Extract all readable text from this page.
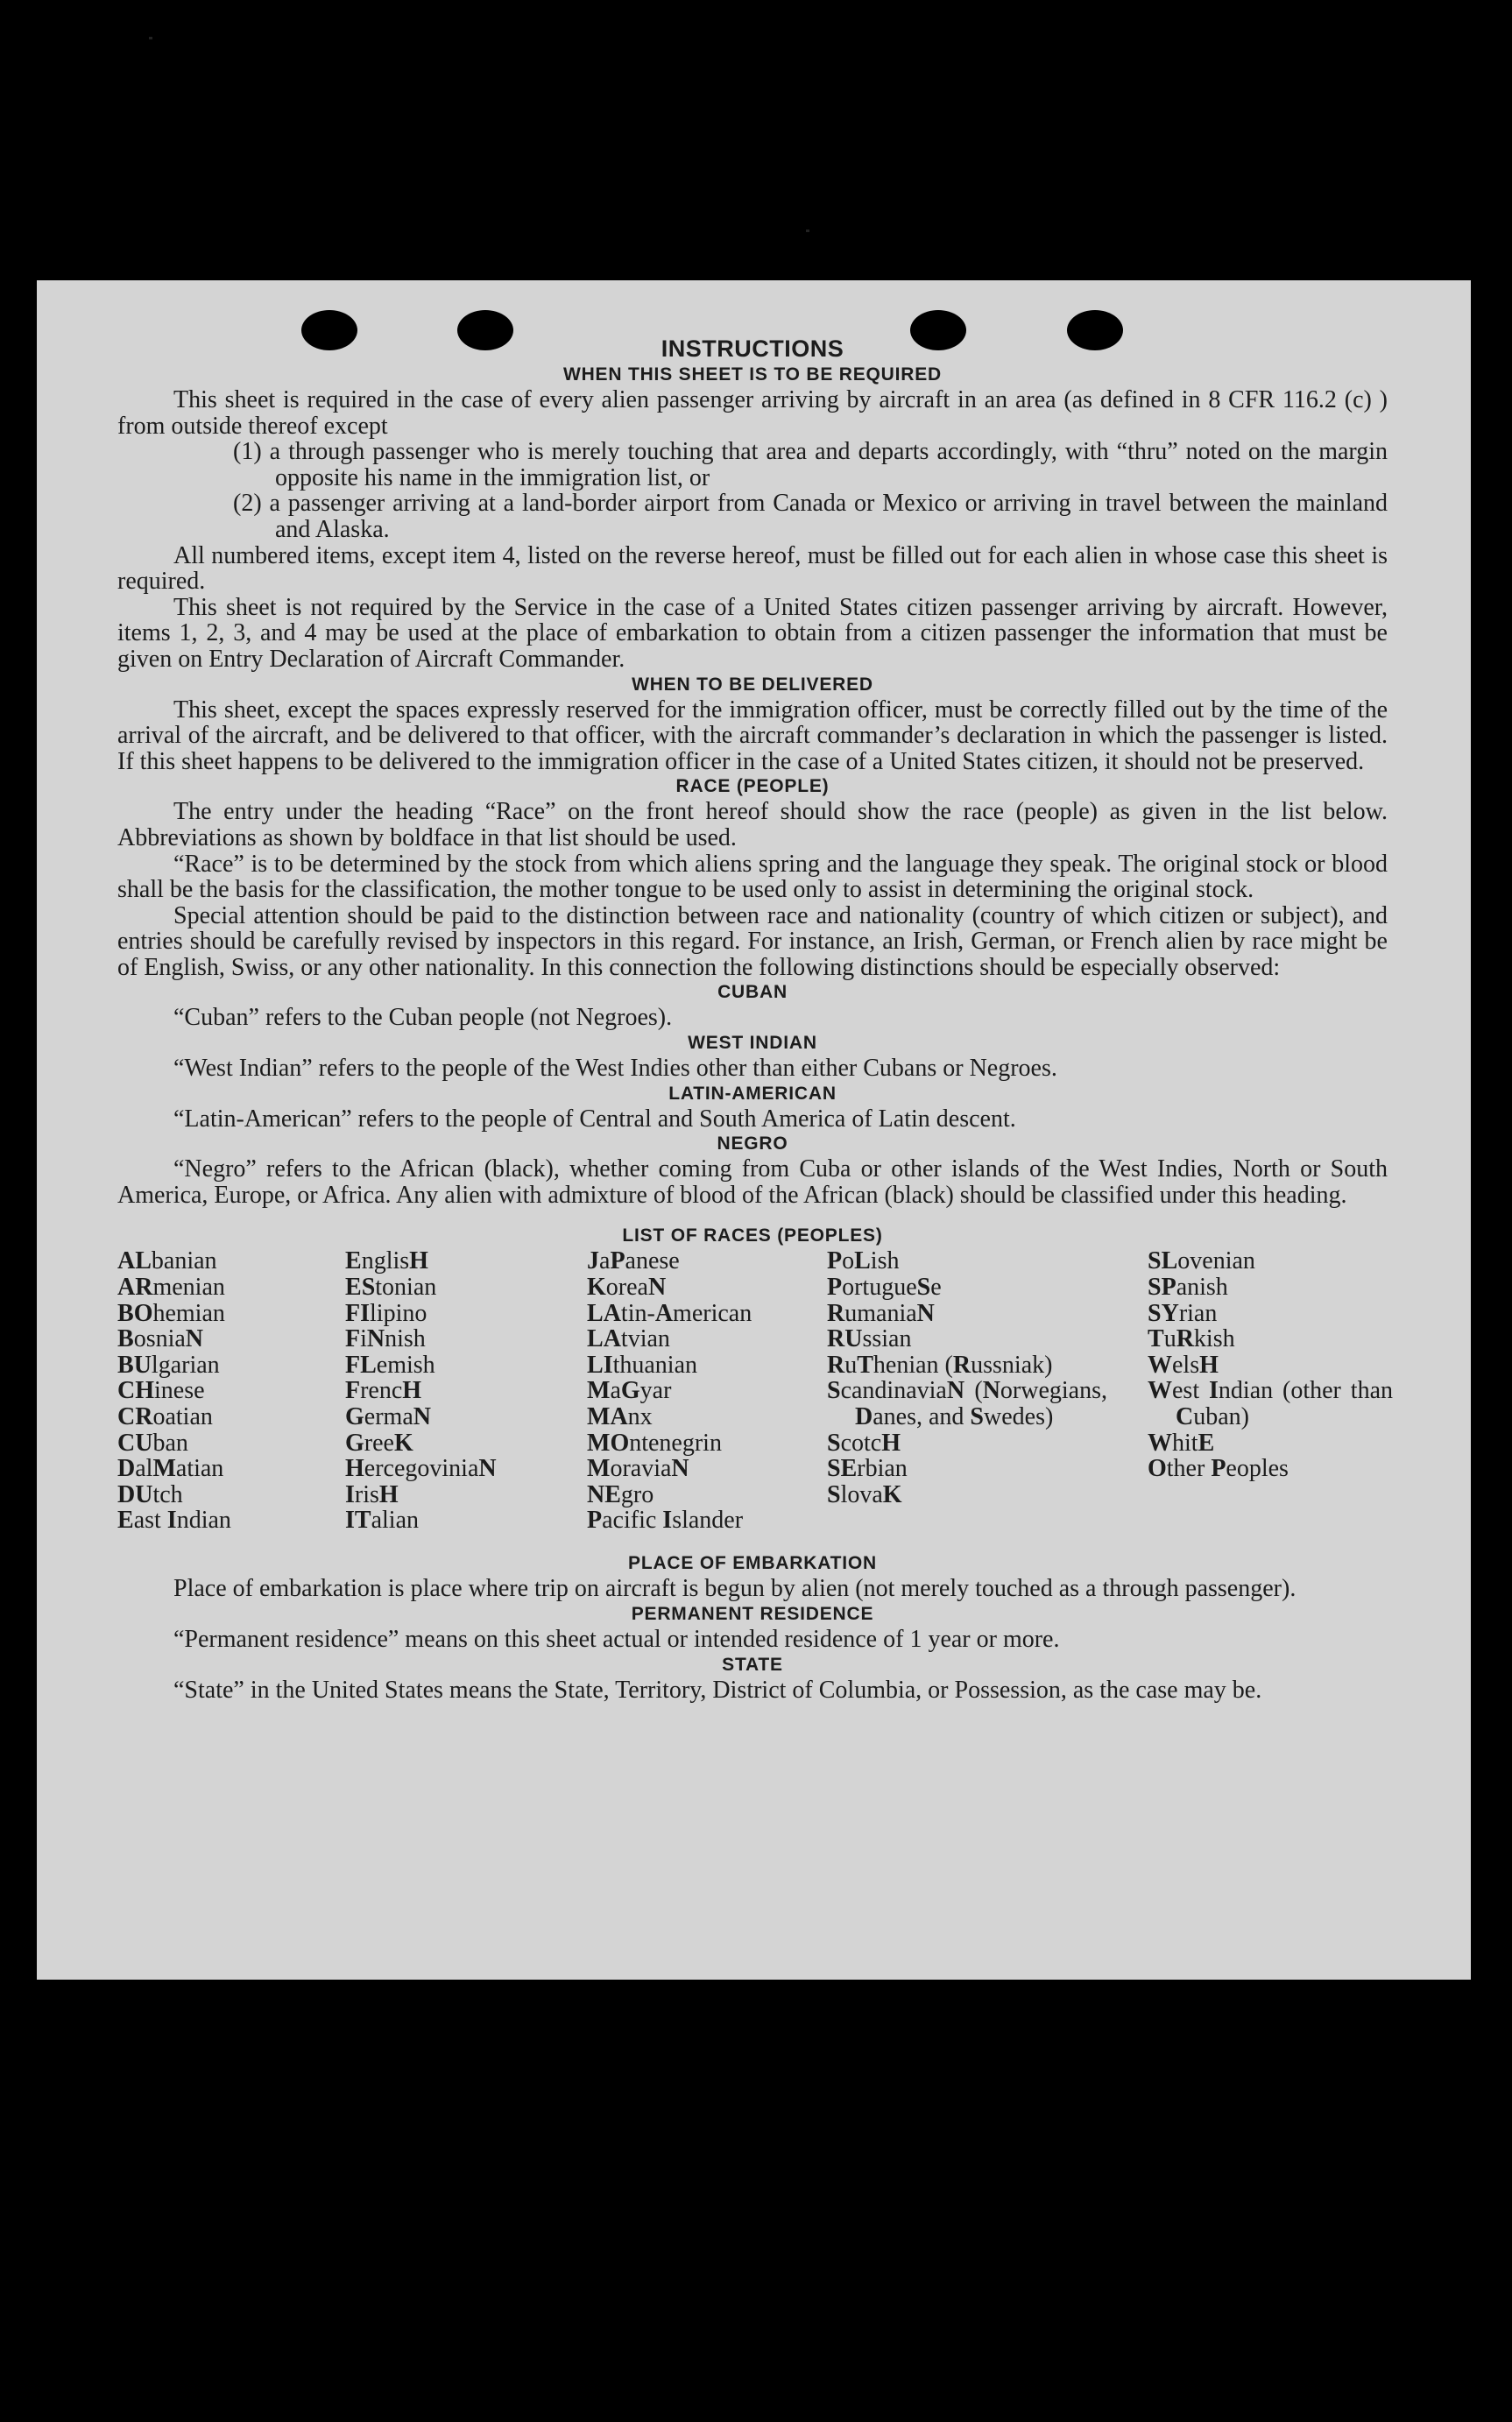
INSTRUCTIONS

WHEN THIS SHEET IS TO BE REQUIRED

This sheet is required in the case of every alien passenger arriving by aircraft in an area (as defined in 8 CFR 116.2 (c) ) from outside thereof except

(1) a through passenger who is merely touching that area and departs accordingly, with “thru” noted on the margin opposite his name in the immigration list, or

(2) a passenger arriving at a land-border airport from Canada or Mexico or arriving in travel between the mainland and Alaska.

All numbered items, except item 4, listed on the reverse hereof, must be filled out for each alien in whose case this sheet is required.

This sheet is not required by the Service in the case of a United States citizen passenger arriving by aircraft. However, items 1, 2, 3, and 4 may be used at the place of embarkation to obtain from a citizen passenger the information that must be given on Entry Declaration of Aircraft Commander.

WHEN TO BE DELIVERED

This sheet, except the spaces expressly reserved for the immigration officer, must be correctly filled out by the time of the arrival of the aircraft, and be delivered to that officer, with the aircraft commander’s declaration in which the passenger is listed. If this sheet happens to be delivered to the immigration officer in the case of a United States citizen, it should not be preserved.

RACE (PEOPLE)

The entry under the heading “Race” on the front hereof should show the race (people) as given in the list below. Abbreviations as shown by boldface in that list should be used.

“Race” is to be determined by the stock from which aliens spring and the language they speak. The original stock or blood shall be the basis for the classification, the mother tongue to be used only to assist in determining the original stock.

Special attention should be paid to the distinction between race and nationality (country of which citizen or subject), and entries should be carefully revised by inspectors in this regard. For instance, an Irish, German, or French alien by race might be of English, Swiss, or any other nationality. In this connection the following distinctions should be especially observed:

CUBAN

“Cuban” refers to the Cuban people (not Negroes).

WEST INDIAN

“West Indian” refers to the people of the West Indies other than either Cubans or Negroes.

LATIN-AMERICAN

“Latin-American” refers to the people of Central and South America of Latin descent.

NEGRO

“Negro” refers to the African (black), whether coming from Cuba or other islands of the West Indies, North or South America, Europe, or Africa. Any alien with admixture of blood of the African (black) should be classified under this heading.

LIST OF RACES (PEOPLES)

ALbanian
ARmenian
BOhemian
BosniaN
BUlgarian
CHinese
CRoatian
CUban
DalMatian
DUtch
East Indian
EnglisH
EStonian
FIlipino
FiNnish
FLemish
FrencH
GermaN
GreeK
HercegoviniaN
IrisH
ITalian
JaPanese
KoreaN
LAtin-American
LAtvian
LIthuanian
MaGyar
MAnx
MOntenegrin
MoraviaN
NEgro
Pacific Islander
PoLish
PortugueSe
RumaniaN
RUssian
RuThenian (Russniak)
ScandinaviaN (Norwegians, Danes, and Swedes)
ScotcH
SErbian
SlovaK
SLovenian
SPanish
SYrian
TuRkish
WelsH
West Indian (other than Cuban)
WhitE
Other Peoples

PLACE OF EMBARKATION

Place of embarkation is place where trip on aircraft is begun by alien (not merely touched as a through passenger).

PERMANENT RESIDENCE

“Permanent residence” means on this sheet actual or intended residence of 1 year or more.

STATE

“State” in the United States means the State, Territory, District of Columbia, or Possession, as the case may be.
